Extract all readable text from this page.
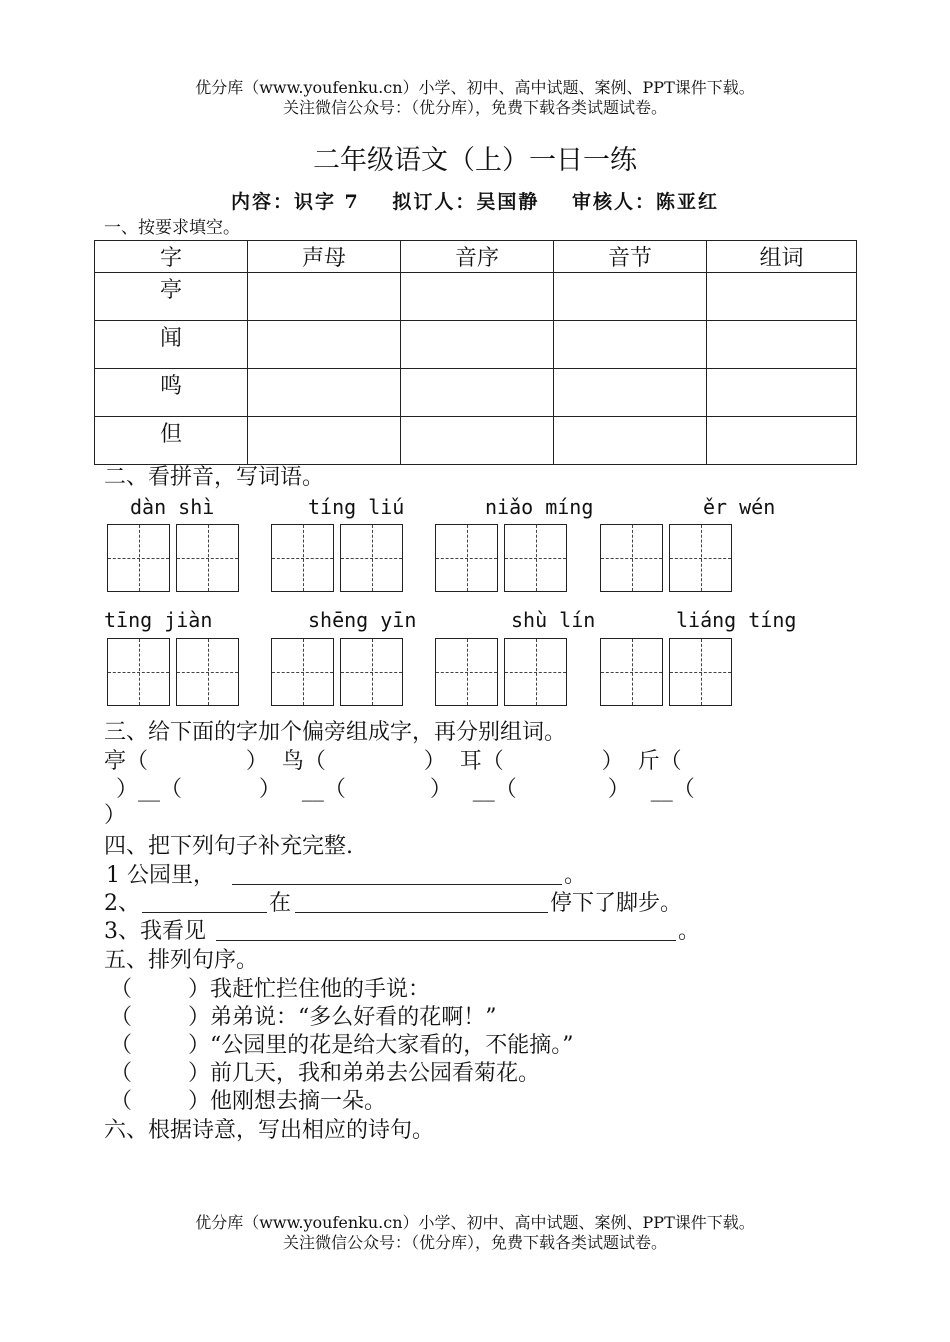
优分库（www.youfenku.cn）小学、初中、高中试题、案例、PPT课件下载。
关注微信公众号：（优分库），免费下载各类试题试卷。
二年级语文（上）一日一练
内容：识字 7 拟订人：吴国静 审核人：陈亚红
一、按要求填空。
字	声母	音序	音节	组词
亭				
闻				
鸣				
但				
二、看拼音，写词语。
dàn shì	tíng liú	niǎo míng	ěr wén
tīng jiàn	shēng yīn	shù lín	liáng tíng
三、给下面的字加个偏旁组成字，再分别组词。
亭（              ）  鸟（              ）  耳（              ）  斤（
）__（           ）   __（            ）   __（             ）   __（
）
四、把下列句子补充完整.
1 公园里，	。
2、	在	停下了脚步。
3、我看见	。
五、排列句序。
（        ）我赶忙拦住他的手说：
（        ）弟弟说：“多么好看的花啊！”
（        ）“公园里的花是给大家看的，不能摘。”
（        ）前几天，我和弟弟去公园看菊花。
（        ）他刚想去摘一朵。
六、根据诗意，写出相应的诗句。
优分库（www.youfenku.cn）小学、初中、高中试题、案例、PPT课件下载。
关注微信公众号：（优分库），免费下载各类试题试卷。
